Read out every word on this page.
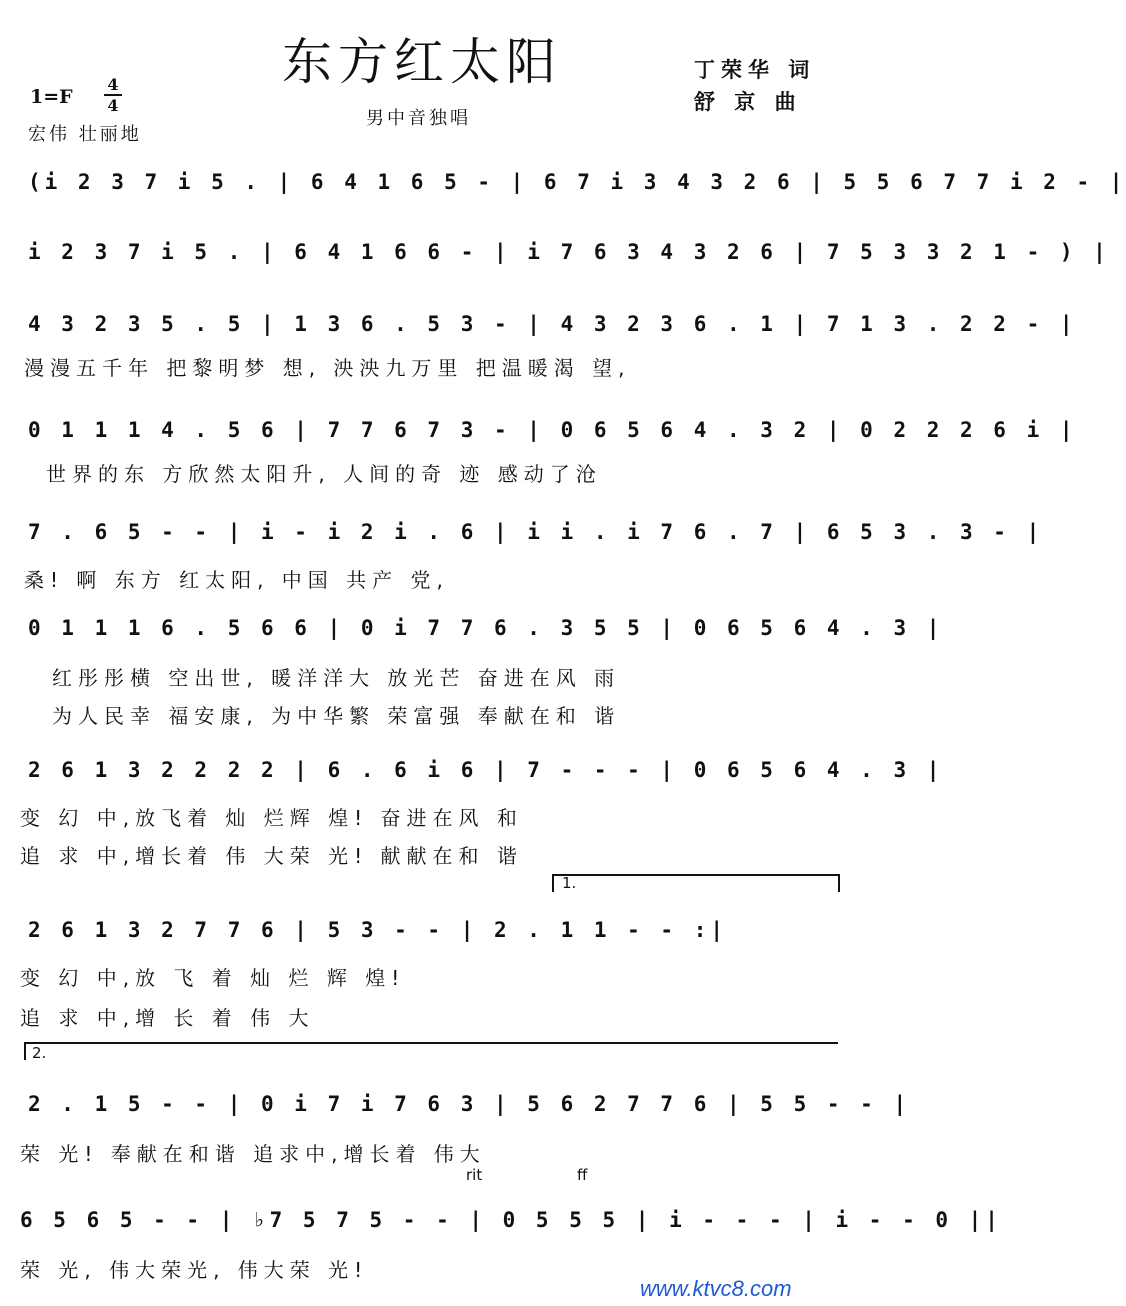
东方红太阳
1=F
4
4
宏伟 壮丽地
男中音独唱
丁荣华 词
舒 京 曲
(i 2 3 7 i 5 . | 6 4 1 6 5 - | 6 7 i 3 4 3 2 6 | 5 5 6 7 7 i 2 - |
i 2 3 7 i 5 . | 6 4 1 6 6 - | i 7 6 3 4 3 2 6 | 7 5 3 3 2 1 - ) |
4 3 2 3 5 . 5 | 1 3 6 . 5 3 - | 4 3 2 3 6 . 1 | 7 1 3 . 2 2 - |
漫漫五千年 把黎明梦 想, 泱泱九万里 把温暖渴 望,
0 1 1 1 4 . 5 6 | 7 7 6 7 3 - | 0 6 5 6 4 . 3 2 | 0 2 2 2 6 i |
世界的东 方欣然太阳升, 人间的奇 迹 感动了沧
7 . 6 5 - - | i - i 2 i . 6 | i i . i 7 6 . 7 | 6 5 3 . 3 - |
桑! 啊 东方 红太阳, 中国 共产 党,
0 1 1 1 6 . 5 6 6 | 0 i 7 7 6 . 3 5 5 | 0 6 5 6 4 . 3 |
红彤彤横 空出世, 暖洋洋大 放光芒 奋进在风 雨
为人民幸 福安康, 为中华繁 荣富强 奉献在和 谐
2 6 1 3 2 2 2 2 | 6 . 6 i 6 | 7 - - - | 0 6 5 6 4 . 3 |
变 幻 中,放飞着 灿 烂辉 煌! 奋进在风 和
追 求 中,增长着 伟 大荣 光! 献献在和 谐
1.
2 6 1 3 2 7 7 6 | 5 3 - - | 2 . 1 1 - - :|
变 幻 中,放 飞 着 灿 烂 辉 煌!
追 求 中,增 长 着 伟 大
2.
2 . 1 5 - - | 0 i 7 i 7 6 3 | 5 6 2 7 7 6 | 5 5 - - |
荣 光! 奉献在和谐 追求中,增长着 伟大
rit ff
6 5 6 5 - - | ♭7 5 7 5 - - | 0 5 5 5 | i - - - | i - - 0 ||
荣 光, 伟大荣光, 伟大荣 光!
www.ktvc8.com
